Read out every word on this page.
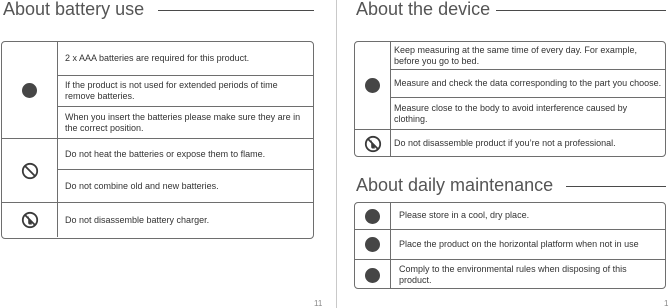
About battery use
2 x AAA batteries are required for this product.
If the product is not used for extended periods of time remove batteries.
When you insert the batteries please make sure they are in the correct position.
Do not heat the batteries or expose them to flame.
Do not combine old and new batteries.
Do not disassemble battery charger.
11
About the device
Keep measuring at the same time of every day. For example, before you go to bed.
Measure and check the data corresponding to the part you choose.
Measure close to the body to avoid interference caused by clothing.
Do not disassemble product if you’re not a professional.
About daily maintenance
Please store in a cool, dry place.
Place the product on the horizontal platform when not in use
Comply to the environmental rules when disposing of this product.
1
